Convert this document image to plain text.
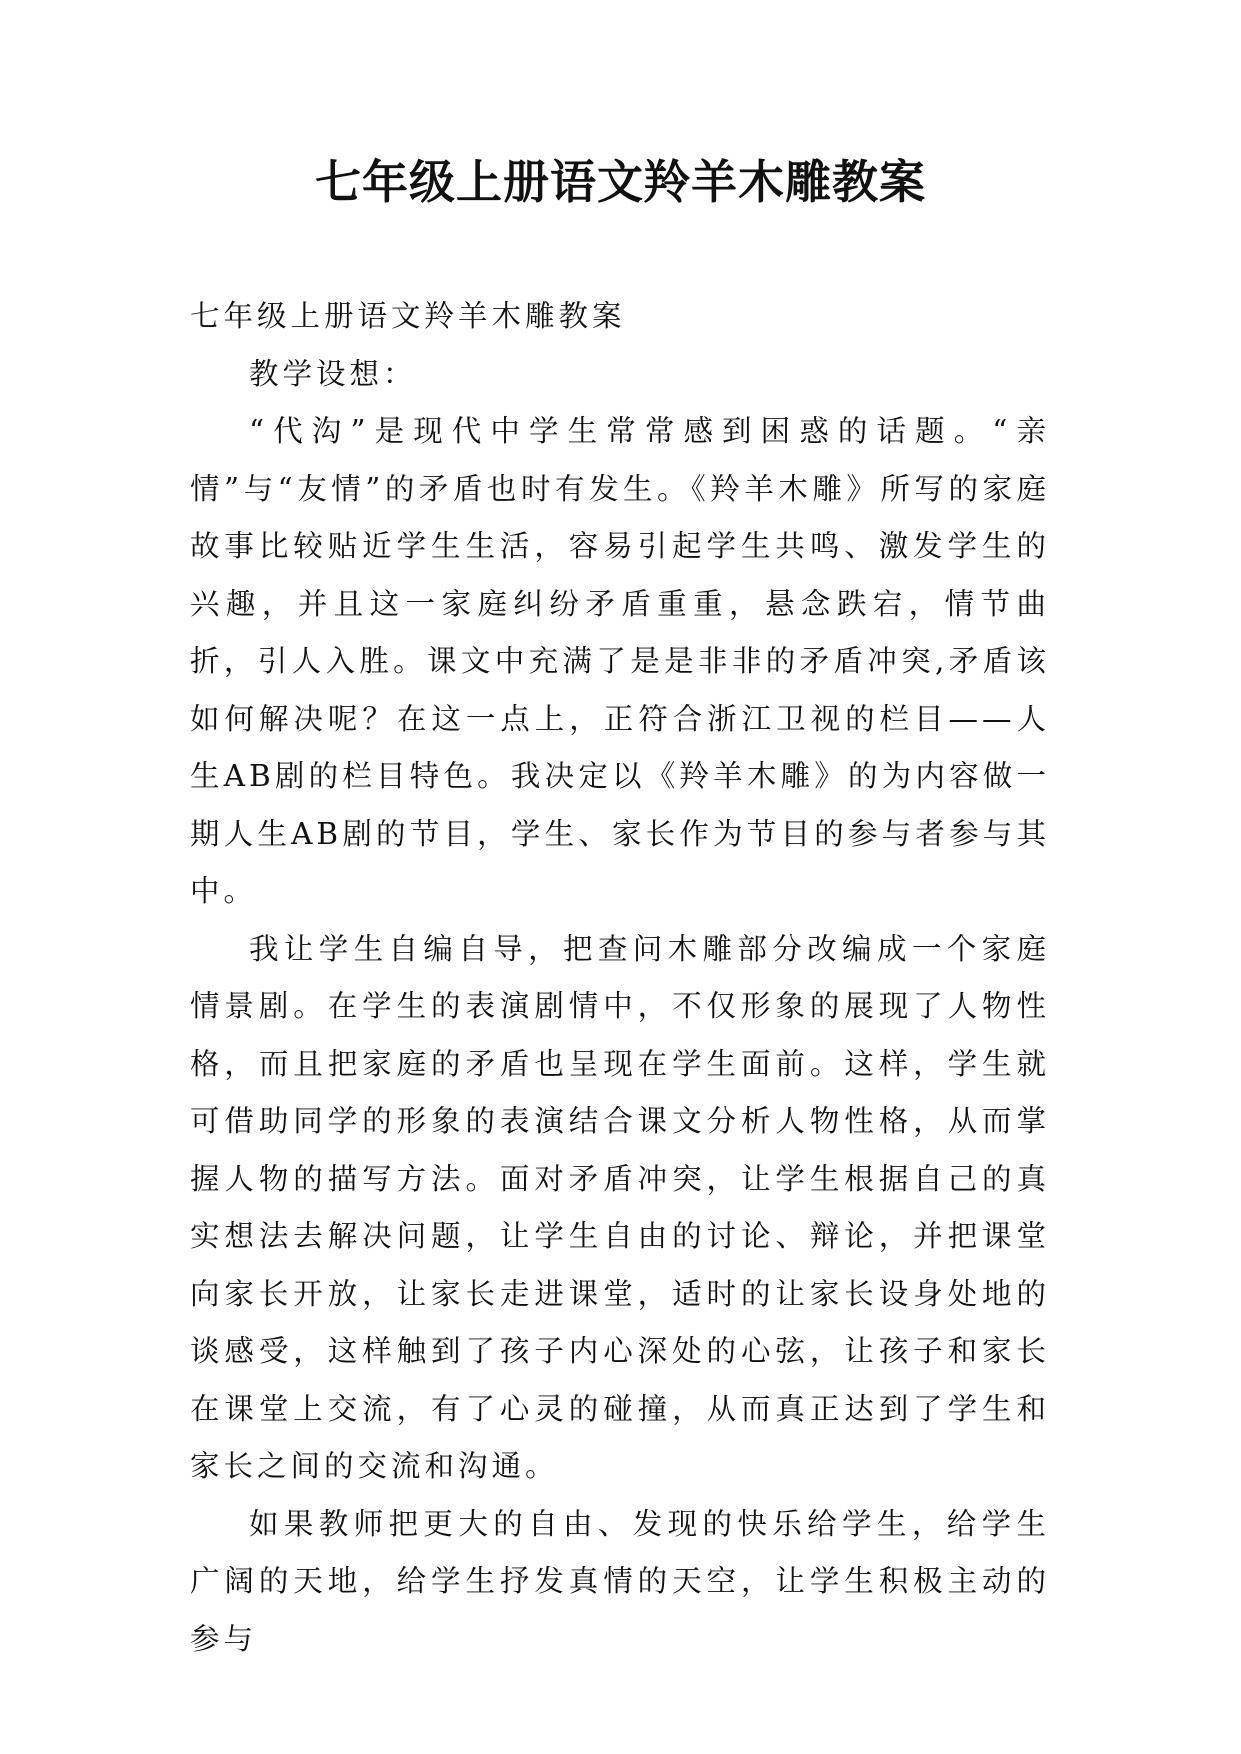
七年级上册语文羚羊木雕教案

七年级上册语文羚羊木雕教案

教学设想：

“代沟”是现代中学生常常感到困惑的话题。“亲情”与“友情”的矛盾也时有发生。《羚羊木雕》所写的家庭故事比较贴近学生生活，容易引起学生共鸣、激发学生的兴趣，并且这一家庭纠纷矛盾重重，悬念跌宕，情节曲折，引人入胜。课文中充满了是是非非的矛盾冲突,矛盾该如何解决呢？在这一点上，正符合浙江卫视的栏目——人生AB剧的栏目特色。我决定以《羚羊木雕》的为内容做一期人生AB剧的节目，学生、家长作为节目的参与者参与其中。

我让学生自编自导，把查问木雕部分改编成一个家庭情景剧。在学生的表演剧情中，不仅形象的展现了人物性格，而且把家庭的矛盾也呈现在学生面前。这样，学生就可借助同学的形象的表演结合课文分析人物性格，从而掌握人物的描写方法。面对矛盾冲突，让学生根据自己的真实想法去解决问题，让学生自由的讨论、辩论，并把课堂向家长开放，让家长走进课堂，适时的让家长设身处地的谈感受，这样触到了孩子内心深处的心弦，让孩子和家长在课堂上交流，有了心灵的碰撞，从而真正达到了学生和家长之间的交流和沟通。

如果教师把更大的自由、发现的快乐给学生，给学生广阔的天地，给学生抒发真情的天空，让学生积极主动的参与
